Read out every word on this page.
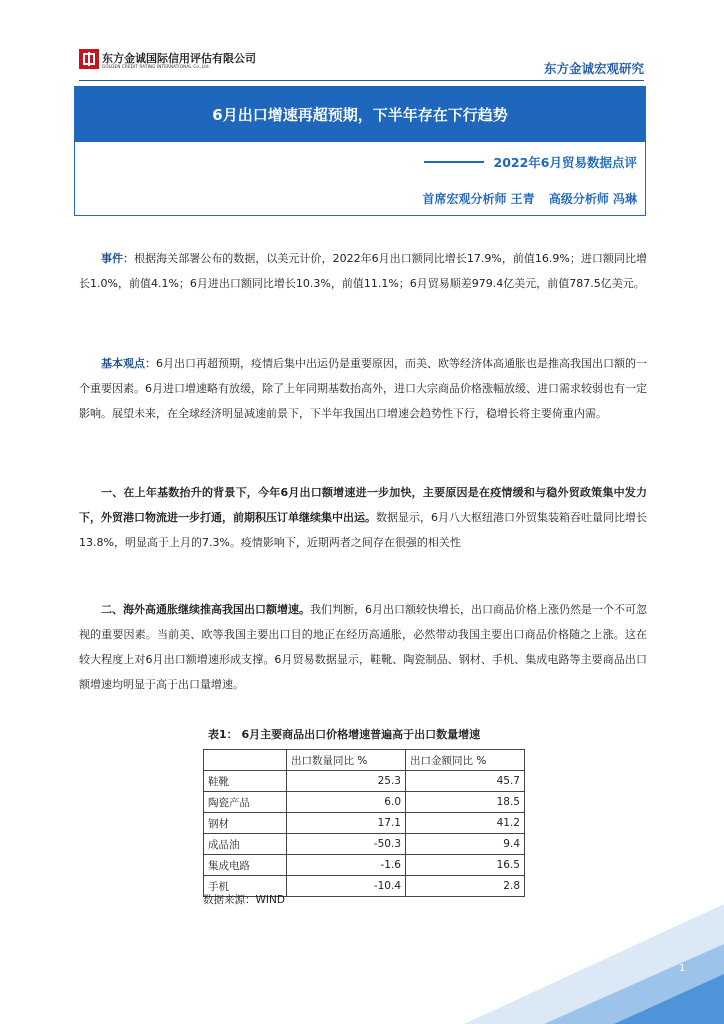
东方金诚国际信用评估有限公司
GOLDEN CREDIT RATING INTERNATIONAL Co.,Ltd.	东方金诚宏观研究
6月出口增速再超预期，下半年存在下行趋势
2022年6月贸易数据点评
首席宏观分析师 王青 高级分析师 冯琳
事件：根据海关部署公布的数据，以美元计价，2022年6月出口额同比增长17.9%，前值16.9%；进口额同比增长1.0%，前值4.1%；6月进出口额同比增长10.3%，前值11.1%；6月贸易顺差979.4亿美元，前值787.5亿美元。
基本观点：6月出口再超预期，疫情后集中出运仍是重要原因，而美、欧等经济体高通胀也是推高我国出口额的一个重要因素。6月进口增速略有放缓，除了上年同期基数抬高外，进口大宗商品价格涨幅放缓、进口需求较弱也有一定影响。展望未来，在全球经济明显减速前景下，下半年我国出口增速会趋势性下行，稳增长将主要倚重内需。
一、在上年基数抬升的背景下，今年6月出口额增速进一步加快，主要原因是在疫情缓和与稳外贸政策集中发力下，外贸港口物流进一步打通，前期积压订单继续集中出运。数据显示，6月八大枢纽港口外贸集装箱吞吐量同比增长13.8%，明显高于上月的7.3%。疫情影响下，近期两者之间存在很强的相关性
二、海外高通胀继续推高我国出口额增速。我们判断，6月出口额较快增长，出口商品价格上涨仍然是一个不可忽视的重要因素。当前美、欧等我国主要出口目的地正在经历高通胀，必然带动我国主要出口商品价格随之上涨。这在较大程度上对6月出口额增速形成支撑。6月贸易数据显示，鞋靴、陶瓷制品、钢材、手机、集成电路等主要商品出口额增速均明显于高于出口量增速。
表1： 6月主要商品出口价格增速普遍高于出口数量增速
	出口数量同比 %	出口金额同比 %
鞋靴	25.3	45.7
陶瓷产品	6.0	18.5
钢材	17.1	41.2
成品油	-50.3	9.4
集成电路	-1.6	16.5
手机	-10.4	2.8
数据来源：WIND
1
